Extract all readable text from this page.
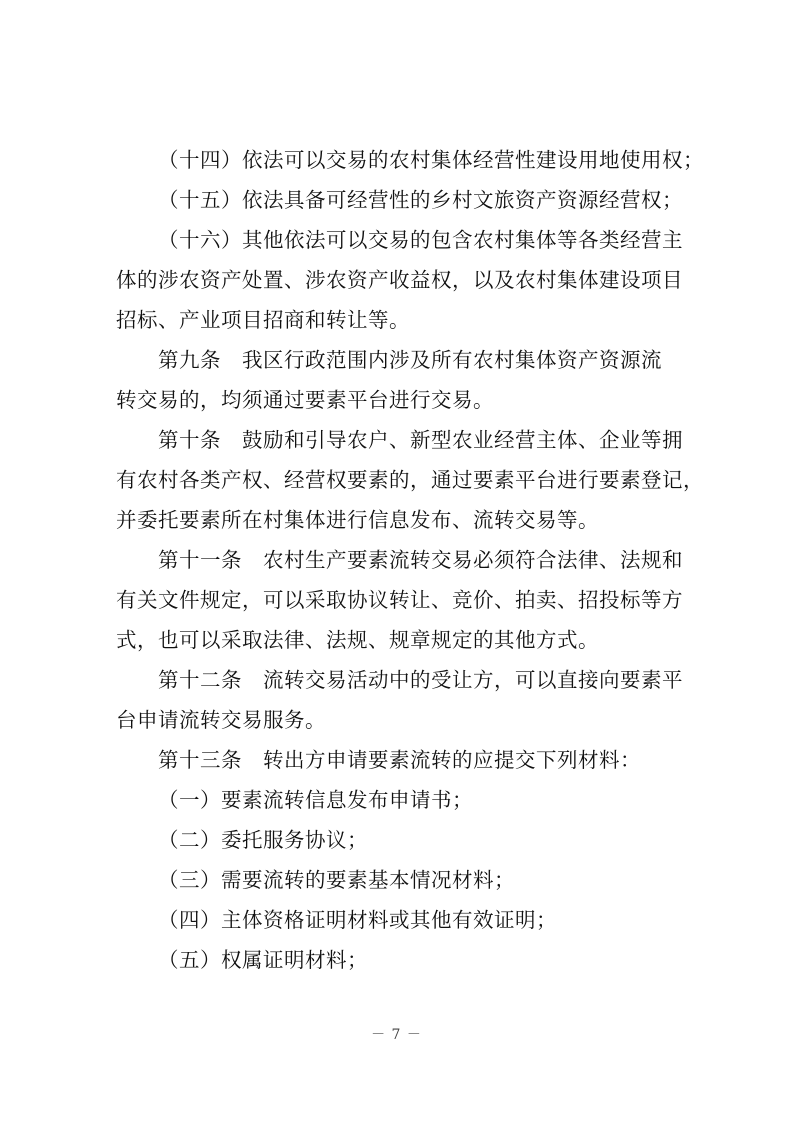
（十四）依法可以交易的农村集体经营性建设用地使用权；
（十五）依法具备可经营性的乡村文旅资产资源经营权；
（十六）其他依法可以交易的包含农村集体等各类经营主
体的涉农资产处置、涉农资产收益权，以及农村集体建设项目
招标、产业项目招商和转让等。
第九条　我区行政范围内涉及所有农村集体资产资源流
转交易的，均须通过要素平台进行交易。
第十条　鼓励和引导农户、新型农业经营主体、企业等拥
有农村各类产权、经营权要素的，通过要素平台进行要素登记，
并委托要素所在村集体进行信息发布、流转交易等。
第十一条　农村生产要素流转交易必须符合法律、法规和
有关文件规定，可以采取协议转让、竞价、拍卖、招投标等方
式，也可以采取法律、法规、规章规定的其他方式。
第十二条　流转交易活动中的受让方，可以直接向要素平
台申请流转交易服务。
第十三条　转出方申请要素流转的应提交下列材料：
（一）要素流转信息发布申请书；
（二）委托服务协议；
（三）需要流转的要素基本情况材料；
（四）主体资格证明材料或其他有效证明；
（五）权属证明材料；
－ 7 －
